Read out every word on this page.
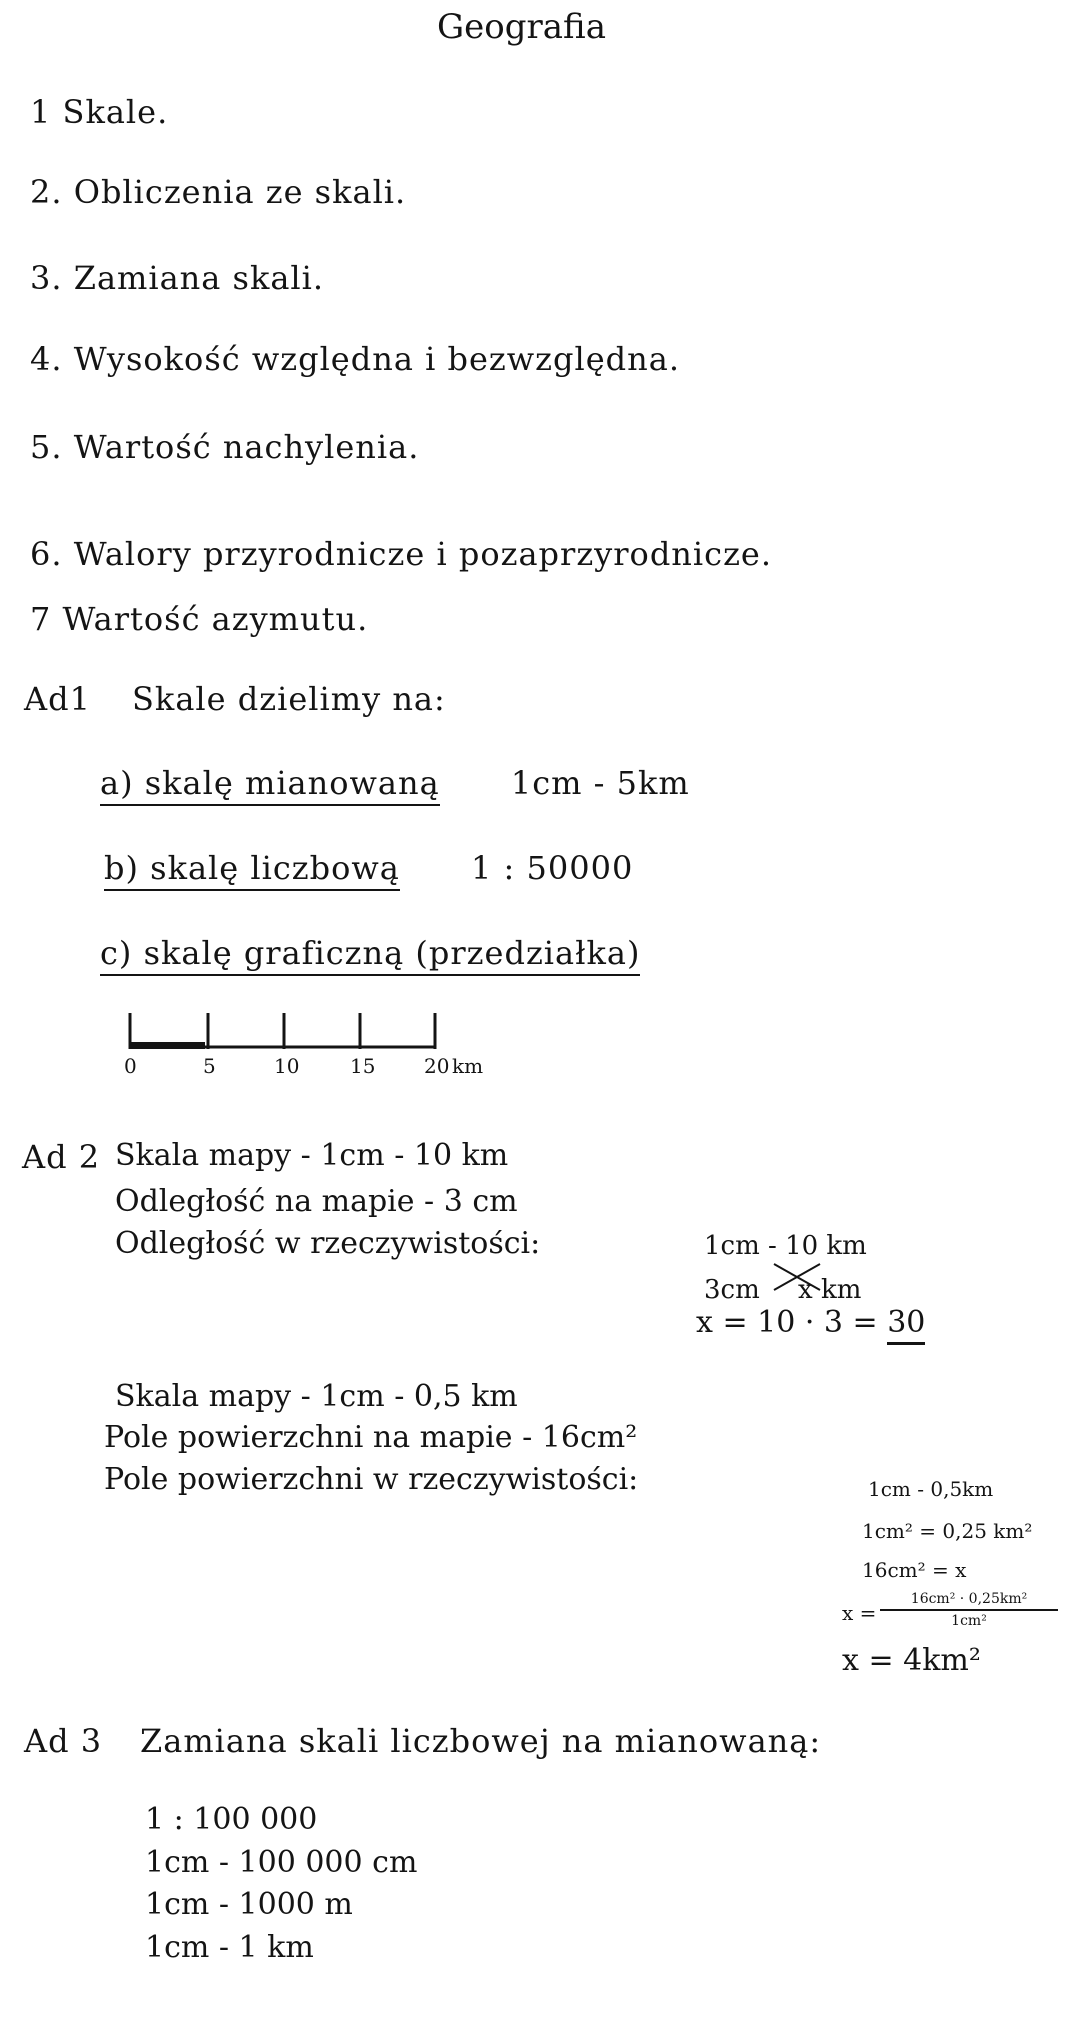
Geografia
1 Skale.
2. Obliczenia ze skali.
3. Zamiana skali.
4. Wysokość względna i bezwzględna.
5. Wartość nachylenia.
6. Walory przyrodnicze i pozaprzyrodnicze.
7 Wartość azymutu.
Ad1 Skale dzielimy na:
a) skalę mianowaną 1cm - 5km
b) skalę liczbową 1 : 50000
c) skalę graficzną (przedziałka)
0	5	10	15 20 km
Ad 2 Skala mapy - 1cm - 10 km
Odległość na mapie - 3 cm
Odległość w rzeczywistości:	1cm - 10 km
3cm x km
x = 10 · 3 = 30
Skala mapy - 1cm - 0,5 km
Pole powierzchni na mapie - 16cm²
Pole powierzchni w rzeczywistości:	1cm - 0,5km
1cm² = 0,25 km²
16cm² = x
$x = \frac{\text{16cm² · 0,25km²}}{\text{1cm²}}$
x = 4km²
Ad 3 Zamiana skali liczbowej na mianowaną:
1 : 100 000
1cm - 100 000 cm
1cm - 1000 m
1cm - 1 km
